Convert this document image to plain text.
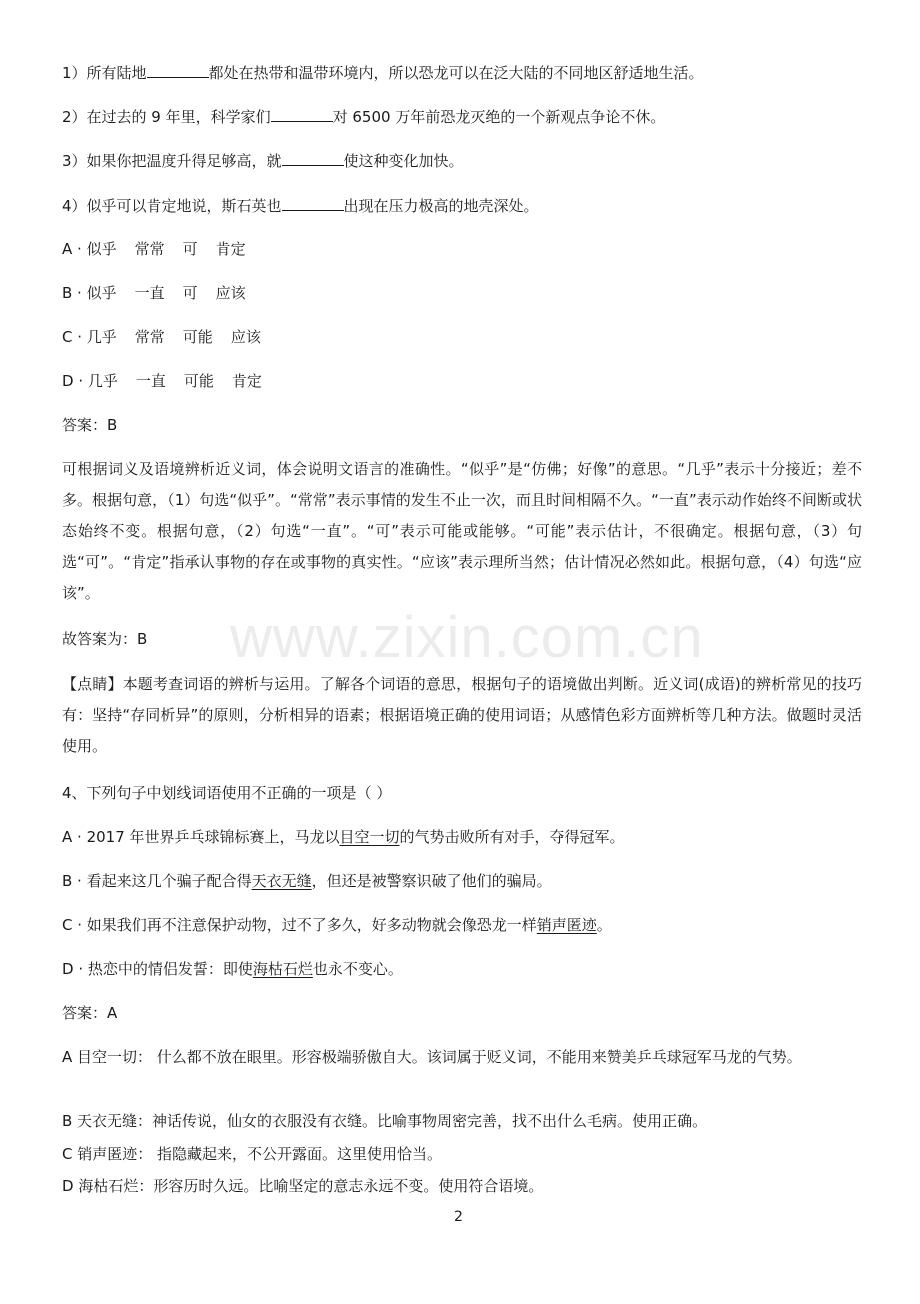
www.zixin.com.cn
1）所有陆地	都处在热带和温带环境内，所以恐龙可以在泛大陆的不同地区舒适地生活。
2）在过去的 9 年里，科学家们	对 6500 万年前恐龙灭绝的一个新观点争论不休。
3）如果你把温度升得足够高，就	使这种变化加快。
4）似乎可以肯定地说，斯石英也	出现在压力极高的地壳深处。
A · 似乎 常常 可 肯定
B · 似乎 一直 可 应该
C · 几乎 常常 可能 应该
D · 几乎 一直 可能 肯定
答案：B
可根据词义及语境辨析近义词，体会说明文语言的准确性。“似乎”是“仿佛；好像”的意思。“几乎”表示十分接近；差不多。根据句意，（1）句选“似乎”。“常常”表示事情的发生不止一次，而且时间相隔不久。“一直”表示动作始终不间断或状态始终不变。根据句意，（2）句选“一直”。“可”表示可能或能够。“可能”表示估计，不很确定。根据句意，（3）句选“可”。“肯定”指承认事物的存在或事物的真实性。“应该”表示理所当然；估计情况必然如此。根据句意，（4）句选“应该”。
故答案为：B
【点睛】本题考查词语的辨析与运用。了解各个词语的意思，根据句子的语境做出判断。近义词(成语)的辨析常见的技巧有：坚持“存同析异”的原则，分析相异的语素；根据语境正确的使用词语；从感情色彩方面辨析等几种方法。做题时灵活使用。
4、下列句子中划线词语使用不正确的一项是（ ）
A · 2017 年世界乒乓球锦标赛上，马龙以目空一切的气势击败所有对手，夺得冠军。
B · 看起来这几个骗子配合得天衣无缝，但还是被警察识破了他们的骗局。
C · 如果我们再不注意保护动物，过不了多久，好多动物就会像恐龙一样销声匿迹。
D · 热恋中的情侣发誓：即使海枯石烂也永不变心。
答案：A
A 目空一切： 什么都不放在眼里。形容极端骄傲自大。该词属于贬义词，不能用来赞美乒乓球冠军马龙的气势。
B 天衣无缝：神话传说，仙女的衣服没有衣缝。比喻事物周密完善，找不出什么毛病。使用正确。
C 销声匿迹： 指隐藏起来，不公开露面。这里使用恰当。
D 海枯石烂：形容历时久远。比喻坚定的意志永远不变。使用符合语境。
2
